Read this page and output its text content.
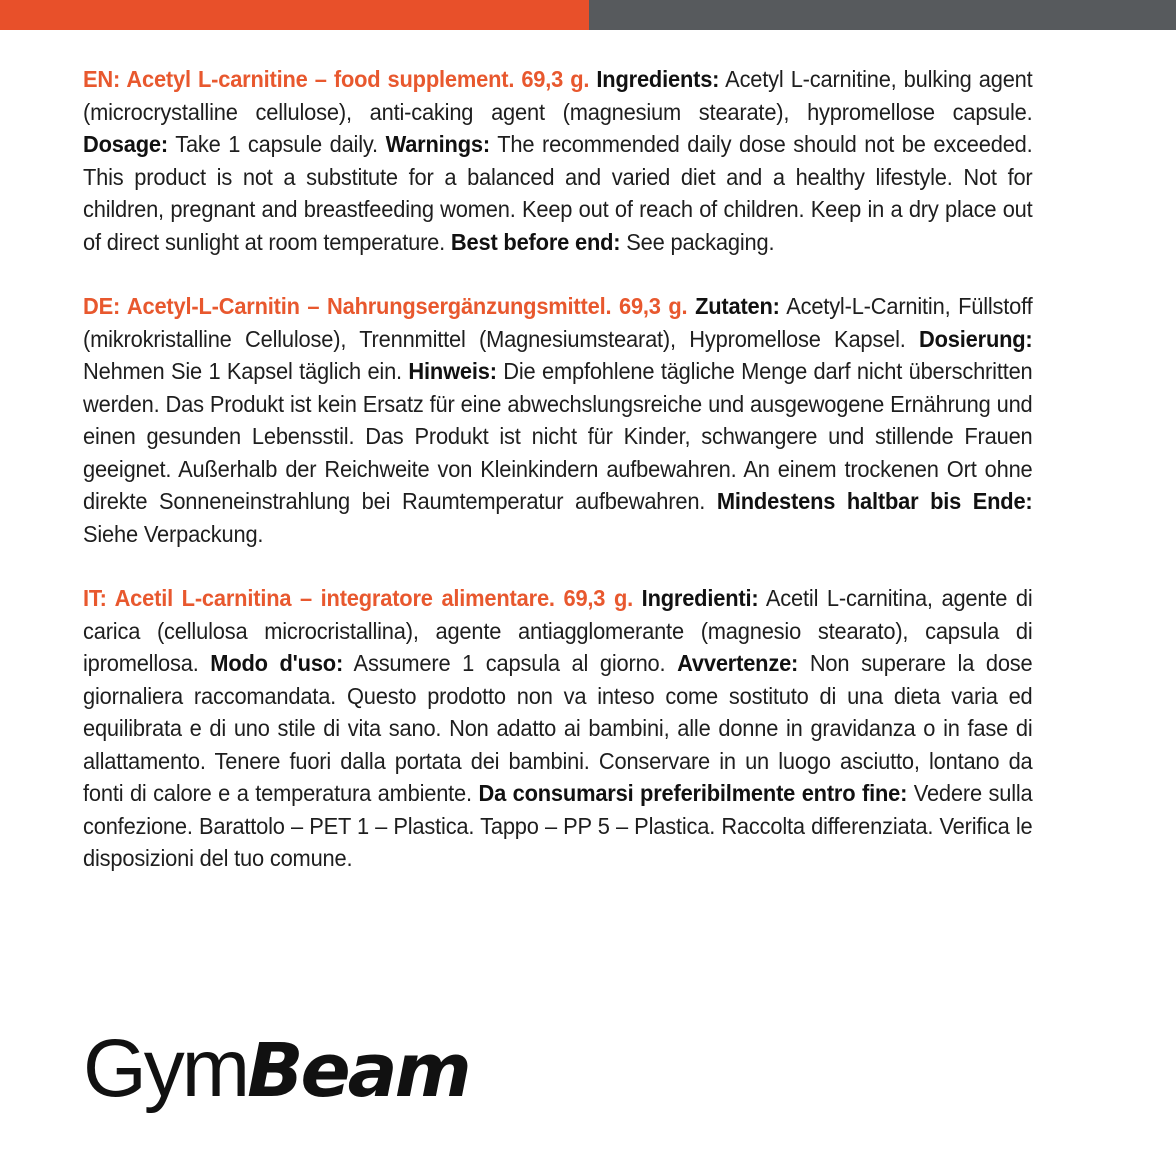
EN: Acetyl L-carnitine – food supplement. 69,3 g. Ingredients: Acetyl L-carnitine, bulking agent (microcrystalline cellulose), anti-caking agent (magnesium stearate), hypromellose capsule. Dosage: Take 1 capsule daily. Warnings: The recommended daily dose should not be exceeded. This product is not a substitute for a balanced and varied diet and a healthy lifestyle. Not for children, pregnant and breastfeeding women. Keep out of reach of children. Keep in a dry place out of direct sunlight at room temperature. Best before end: See packaging.

DE: Acetyl-L-Carnitin – Nahrungsergänzungsmittel. 69,3 g. Zutaten: Acetyl-L-Carnitin, Füllstoff (mikrokristalline Cellulose), Trennmittel (Magnesiumstearat), Hypromellose Kapsel. Dosierung: Nehmen Sie 1 Kapsel täglich ein. Hinweis: Die empfohlene tägliche Menge darf nicht überschritten werden. Das Produkt ist kein Ersatz für eine abwechslungsreiche und ausgewogene Ernährung und einen gesunden Lebensstil. Das Produkt ist nicht für Kinder, schwangere und stillende Frauen geeignet. Außerhalb der Reichweite von Kleinkindern aufbewahren. An einem trockenen Ort ohne direkte Sonneneinstrahlung bei Raumtemperatur aufbewahren. Mindestens haltbar bis Ende: Siehe Verpackung.

IT: Acetil L-carnitina – integratore alimentare. 69,3 g. Ingredienti: Acetil L-carnitina, agente di carica (cellulosa microcristallina), agente antiagglomerante (magnesio stearato), capsula di ipromellosa. Modo d'uso: Assumere 1 capsula al giorno. Avvertenze: Non superare la dose giornaliera raccomandata. Questo prodotto non va inteso come sostituto di una dieta varia ed equilibrata e di uno stile di vita sano. Non adatto ai bambini, alle donne in gravidanza o in fase di allattamento. Tenere fuori dalla portata dei bambini. Conservare in un luogo asciutto, lontano da fonti di calore e a temperatura ambiente. Da consumarsi preferibilmente entro fine: Vedere sulla confezione. Barattolo – PET 1 – Plastica. Tappo – PP 5 – Plastica. Raccolta differenziata. Verifica le disposizioni del tuo comune.

Gym Beam
